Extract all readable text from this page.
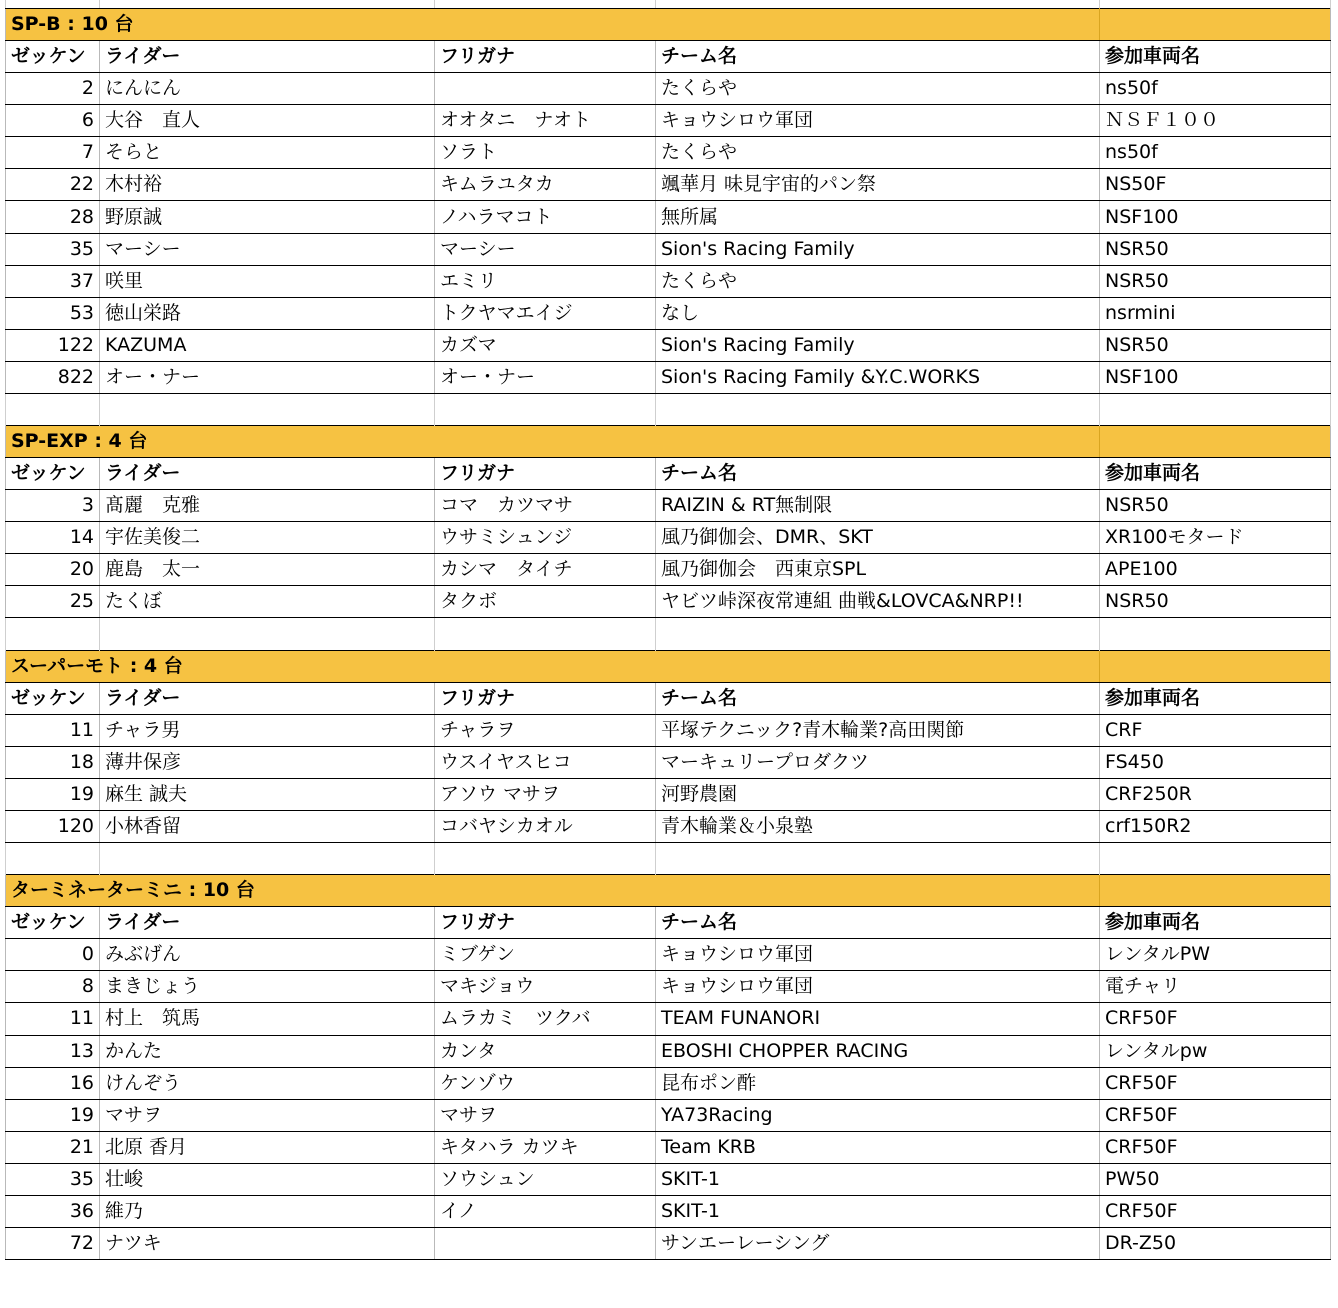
SP-B : 10 台				
ゼッケン	ライダー	フリガナ	チーム名	参加車両名
2	にんにん		たくらや	ns50f
6	大谷　直人	オオタニ　ナオト	キョウシロウ軍団	ＮＳＦ１００
7	そらと	ソラト	たくらや	ns50f
22	木村裕	キムラユタカ	颯華月 味見宇宙的パン祭	NS50F
28	野原誠	ノハラマコト	無所属	NSF100
35	マーシー	マーシー	Sion's Racing Family	NSR50
37	咲里	エミリ	たくらや	NSR50
53	徳山栄路	トクヤマエイジ	なし	nsrmini
122	KAZUMA	カズマ	Sion's Racing Family	NSR50
822	オー・ナー	オー・ナー	Sion's Racing Family &Y.C.WORKS	NSF100

SP-EXP : 4 台				
ゼッケン	ライダー	フリガナ	チーム名	参加車両名
3	髙麗　克雅	コマ　カツマサ	RAIZIN & RT無制限	NSR50
14	宇佐美俊二	ウサミシュンジ	風乃御伽会、DMR、SKT	XR100モタード
20	鹿島　太一	カシマ　タイチ	風乃御伽会　西東京SPL	APE100
25	たくぼ	タクボ	ヤビツ峠深夜常連組 曲戦&LOVCA&NRP!!	NSR50

スーパーモト : 4 台				
ゼッケン	ライダー	フリガナ	チーム名	参加車両名
11	チャラ男	チャラヲ	平塚テクニック?青木輪業?高田関節	CRF
18	薄井保彦	ウスイヤスヒコ	マーキュリープロダクツ	FS450
19	麻生 誠夫	アソウ マサヲ	河野農園	CRF250R
120	小林香留	コバヤシカオル	青木輪業＆小泉塾	crf150R2

ターミネーターミニ : 10 台				
ゼッケン	ライダー	フリガナ	チーム名	参加車両名
0	みぶげん	ミブゲン	キョウシロウ軍団	レンタルPW
8	まきじょう	マキジョウ	キョウシロウ軍団	電チャリ
11	村上　筑馬	ムラカミ　ツクバ	TEAM FUNANORI	CRF50F
13	かんた	カンタ	EBOSHI CHOPPER RACING	レンタルpw
16	けんぞう	ケンゾウ	昆布ポン酢	CRF50F
19	マサヲ	マサヲ	YA73Racing	CRF50F
21	北原 香月	キタハラ カツキ	Team KRB	CRF50F
35	壮峻	ソウシュン	SKIT-1	PW50
36	維乃	イノ	SKIT-1	CRF50F
72	ナツキ		サンエーレーシング	DR-Z50
